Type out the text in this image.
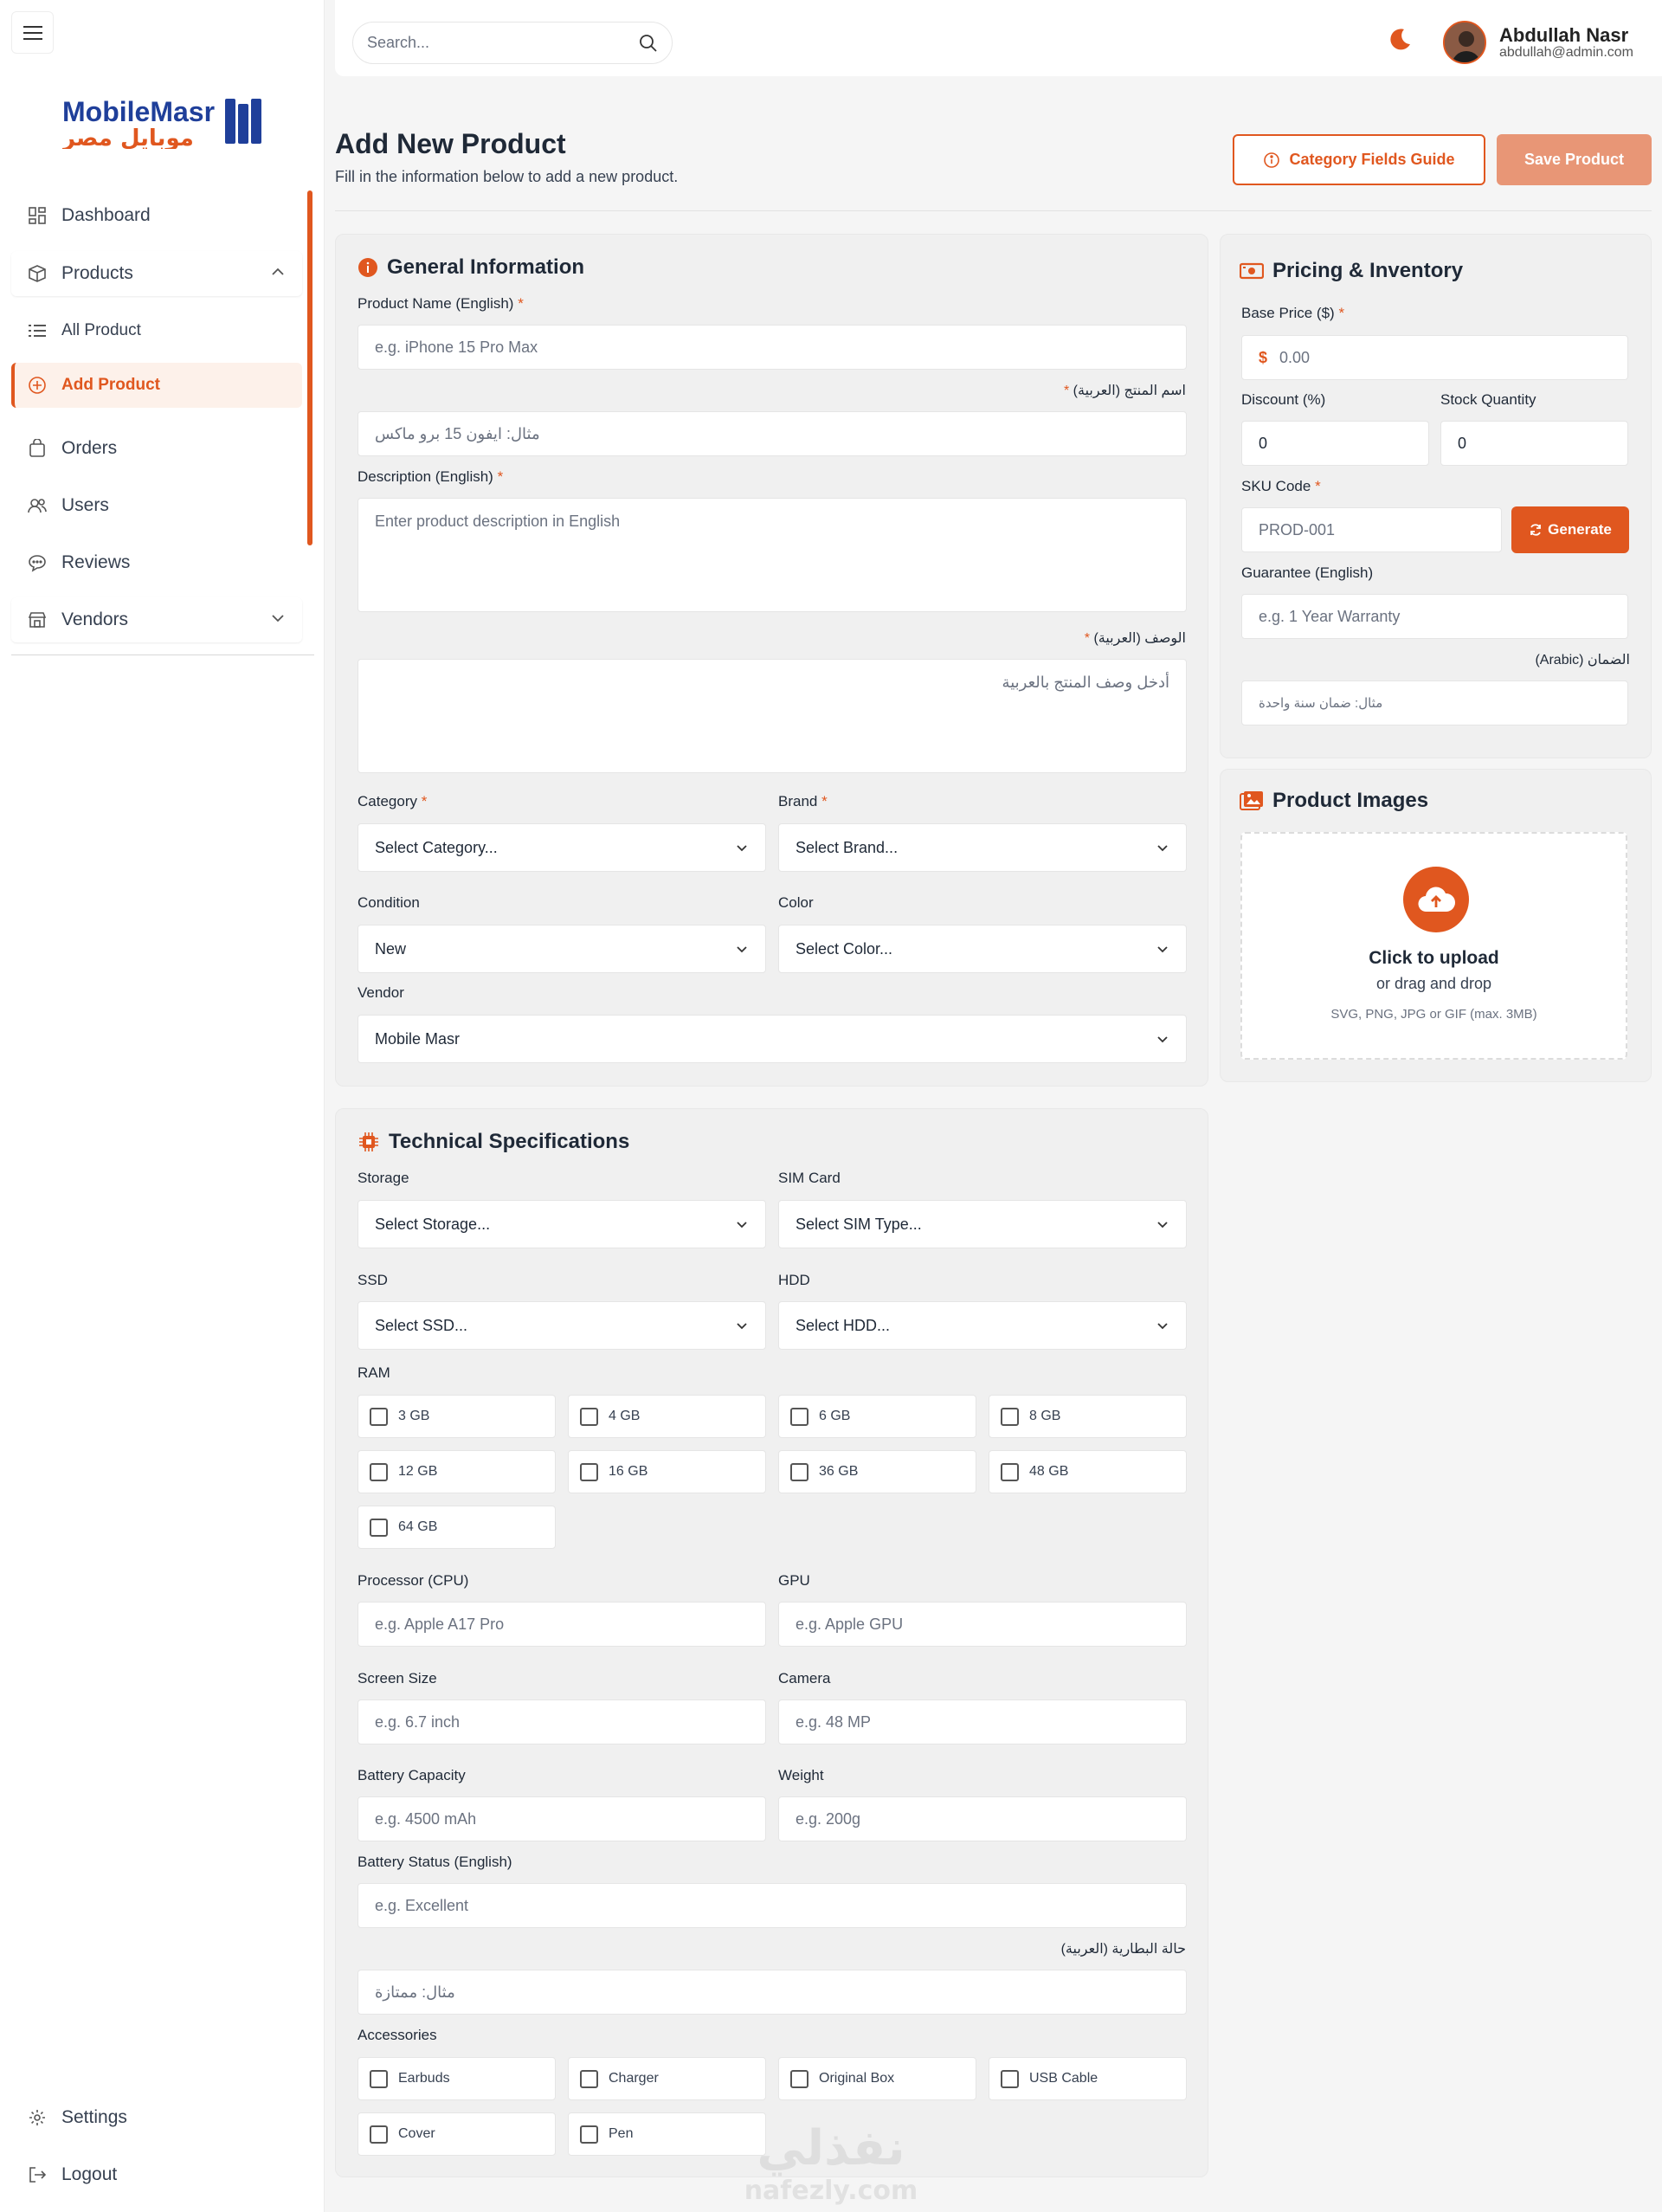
MobileMasr
موبايل مصر
Dashboard
Products
All Product
Add Product
Orders
Users
Reviews
Vendors
Settings
Logout
Search...	Abdullah Nasr
abdullah@admin.com
Add New Product

Fill in the information below to add a new product.

Category Fields Guide	Save Product
General Information
Product Name (English) *
e.g. iPhone 15 Pro Max
اسم المنتج (العربية) *
مثال: ايفون 15 برو ماكس
Description (English) *
Enter product description in English
الوصف (العربية) *
أدخل وصف المنتج بالعربية
Category *
Select Category...
Brand *
Select Brand...
Condition
New
Color
Select Color...
Vendor
Mobile Masr
Technical Specifications
Storage
Select Storage...
SIM Card
Select SIM Type...
SSD
Select SSD...
HDD
Select HDD...
RAM
3 GB	4 GB	6 GB	8 GB
12 GB	16 GB	36 GB	48 GB
64 GB
Processor (CPU)
e.g. Apple A17 Pro
GPU
e.g. Apple GPU
Screen Size
e.g. 6.7 inch
Camera
e.g. 48 MP
Battery Capacity
e.g. 4500 mAh
Weight
e.g. 200g
Battery Status (English)
e.g. Excellent
حالة البطارية (العربية)
مثال: ممتازة
Accessories
Earbuds	Charger	Original Box	USB Cable
Cover	Pen
Pricing & Inventory
Base Price ($) *
$ 0.00
Discount (%)
0
Stock Quantity
0
SKU Code *
PROD-001
Guarantee (English)
e.g. 1 Year Warranty
الضمان (Arabic)
مثال: ضمان سنة واحدة
Generate
Product Images
Click to upload
or drag and drop
SVG, PNG, JPG or GIF (max. 3MB)
نفذلي
nafezly.com
